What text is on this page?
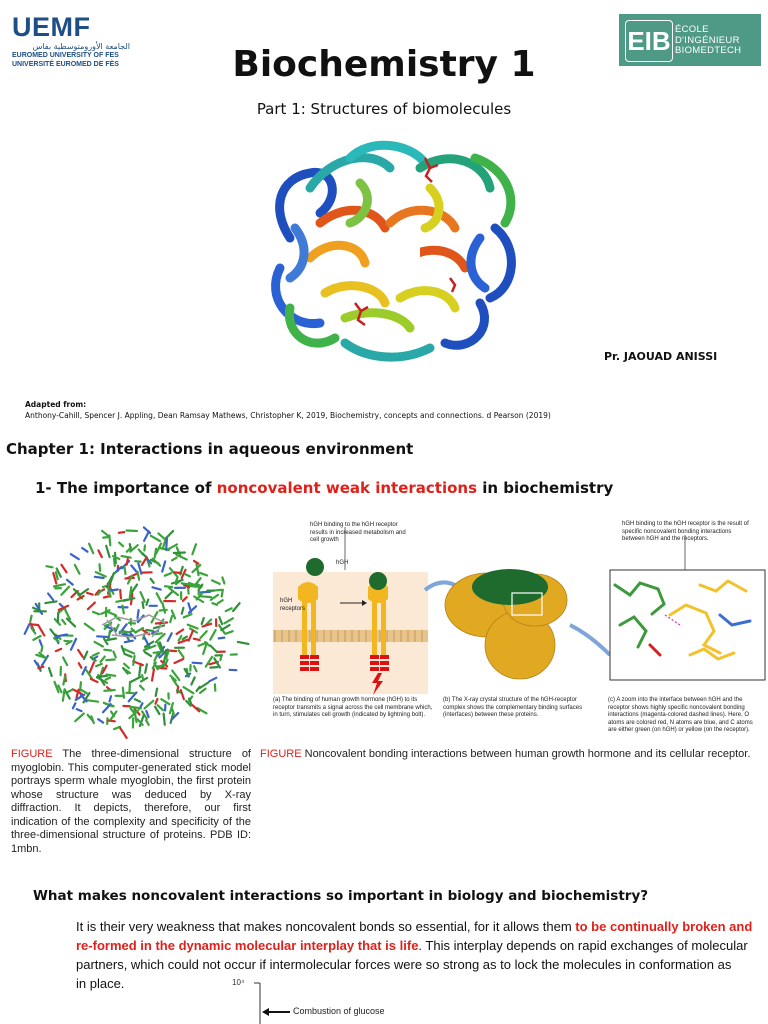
UEMF
الجامعة الأورومتوسطية بفاس
EUROMED UNIVERSITY OF FES
UNIVERSITÉ EUROMED DE FÈS
EIB ÉCOLE
D'INGÉNIEUR
BIOMEDTECH
Biochemistry 1
Part 1: Structures of biomolecules
Pr. JAOUAD ANISSI
Adapted from:
Anthony-Cahill, Spencer J. Appling, Dean Ramsay Mathews, Christopher K, 2019, Biochemistry, concepts and connections. d Pearson (2019)
Chapter 1: Interactions in aqueous environment
1- The importance of noncovalent weak interactions in biochemistry
hGH binding to the hGH receptor results in increased metabolism and cell growth
hGH
hGH receptors
(a) The binding of human growth hormone (hGH) to its receptor transmits a signal across the cell membrane which, in turn, stimulates cell growth (indicated by lightning bolt).
(b) The X-ray crystal structure of the hGH-receptor complex shows the complementary binding surfaces (interfaces) between these proteins.
hGH binding to the hGH receptor is the result of specific noncovalent bonding interactions between hGH and the receptors.
(c) A zoom into the interface between hGH and the receptor shows highly specific noncovalent bonding interactions (magenta-colored dashed lines). Here, O atoms are colored red, N atoms are blue, and C atoms are either green (on hGH) or yellow (on the receptor).
FIGURE The three-dimensional structure of myoglobin. This computer-generated stick model portrays sperm whale myoglobin, the first protein whose structure was deduced by X-ray diffraction. It depicts, therefore, our first indication of the complexity and specificity of the three-dimensional structure of proteins. PDB ID: 1mbn.
FIGURE Noncovalent bonding interactions between human growth hormone and its cellular receptor.
What makes noncovalent interactions so important in biology and biochemistry?
It is their very weakness that makes noncovalent bonds so essential, for it allows them to be continually broken and
re-formed in the dynamic molecular interplay that is life. This interplay depends on rapid exchanges of molecular
partners, which could not occur if intermolecular forces were so strong as to lock the molecules in conformation as
in place.	10⁴
Combustion of glucose
